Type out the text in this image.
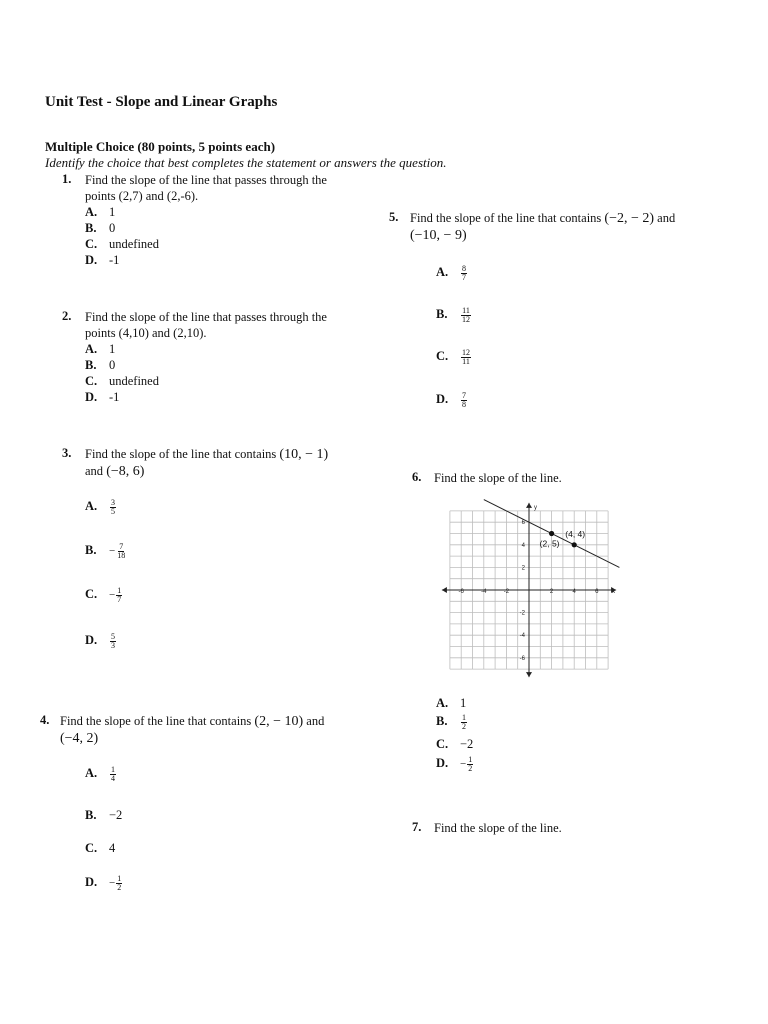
Unit Test - Slope and Linear Graphs
Multiple Choice (80 points, 5 points each)
Identify the choice that best completes the statement or answers the question.
1. Find the slope of the line that passes through the
points (2,7) and (2,-6).
A. 1
B. 0
C. undefined
D. -1
2. Find the slope of the line that passes through the
points (4,10) and (2,10).
A. 1
B. 0
C. undefined
D. -1
3. Find the slope of the line that contains (10, − 1)
and (−8, 6)
A. $\frac{3}{5}$
B. − $\frac{7}{18}$
C. − $\frac{1}{7}$
D. $\frac{5}{3}$
4. Find the slope of the line that contains (2, − 10) and
(−4, 2)
A. $\frac{1}{4}$
B. −2
C. 4
D. − $\frac{1}{2}$
5. Find the slope of the line that contains (−2, − 2) and
(−10, − 9)
A. $\frac{8}{7}$
B. $\frac{11}{12}$
C. $\frac{12}{11}$
D. $\frac{7}{8}$
6. Find the slope of the line.
-6
-6
-4
-4
-2
-2
2
2
4
4
6
6
x
y
(2, 5)
(4, 4)
A. 1
B. $\frac{1}{2}$
C. −2
D. − $\frac{1}{2}$
7. Find the slope of the line.
